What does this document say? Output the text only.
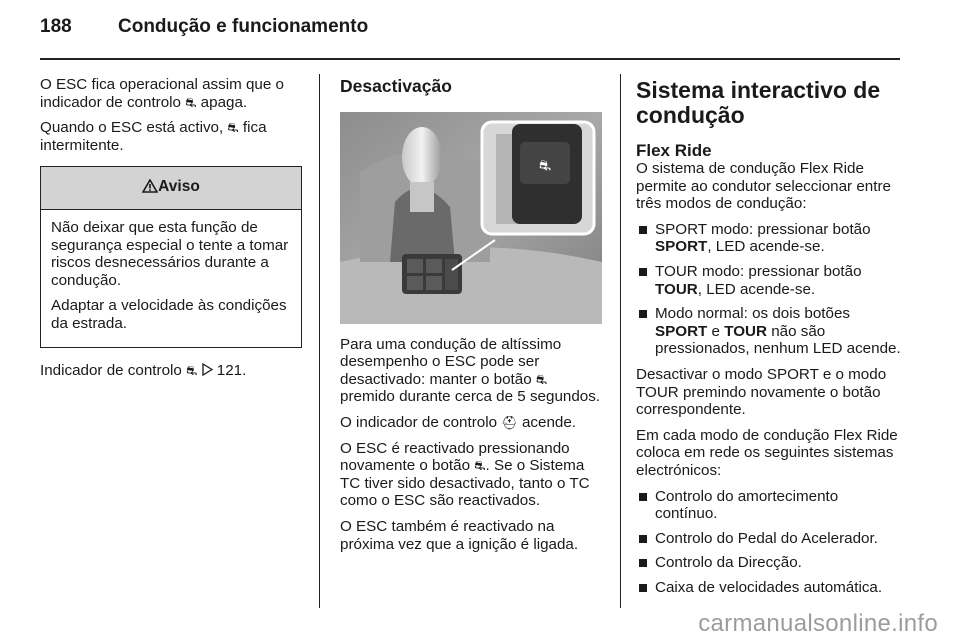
188 Condução e funcionamento

O ESC fica operacional assim que o indicador de controlo ⛐ apaga.

Quando o ESC está activo, ⛐ fica intermitente.

Aviso

Não deixar que esta função de segurança especial o tente a tomar riscos desnecessários durante a condução.

Adaptar a velocidade às condições da estrada.

Indicador de controlo ⛐  121.

Desactivação
⛐

Para uma condução de altíssimo desempenho o ESC pode ser desactivado: manter o botão ⛐ premido durante cerca de 5 segundos.

O indicador de controlo ⛑ acende.

O ESC é reactivado pressionando novamente o botão ⛐. Se o Sistema TC tiver sido desactivado, tanto o TC como o ESC são reactivados.

O ESC também é reactivado na próxima vez que a ignição é ligada.

Sistema interactivo de condução
Flex Ride

O sistema de condução Flex Ride permite ao condutor seleccionar entre três modos de condução:

SPORT modo: pressionar botão SPORT, LED acende-se.
TOUR modo: pressionar botão TOUR, LED acende-se.
Modo normal: os dois botões SPORT e TOUR não são pressionados, nenhum LED acende.

Desactivar o modo SPORT e o modo TOUR premindo novamente o botão correspondente.

Em cada modo de condução Flex Ride coloca em rede os seguintes sistemas electrónicos:

Controlo do amortecimento contínuo.
Controlo do Pedal do Acelerador.
Controlo da Direcção.
Caixa de velocidades automática.
carmanualsonline.info
